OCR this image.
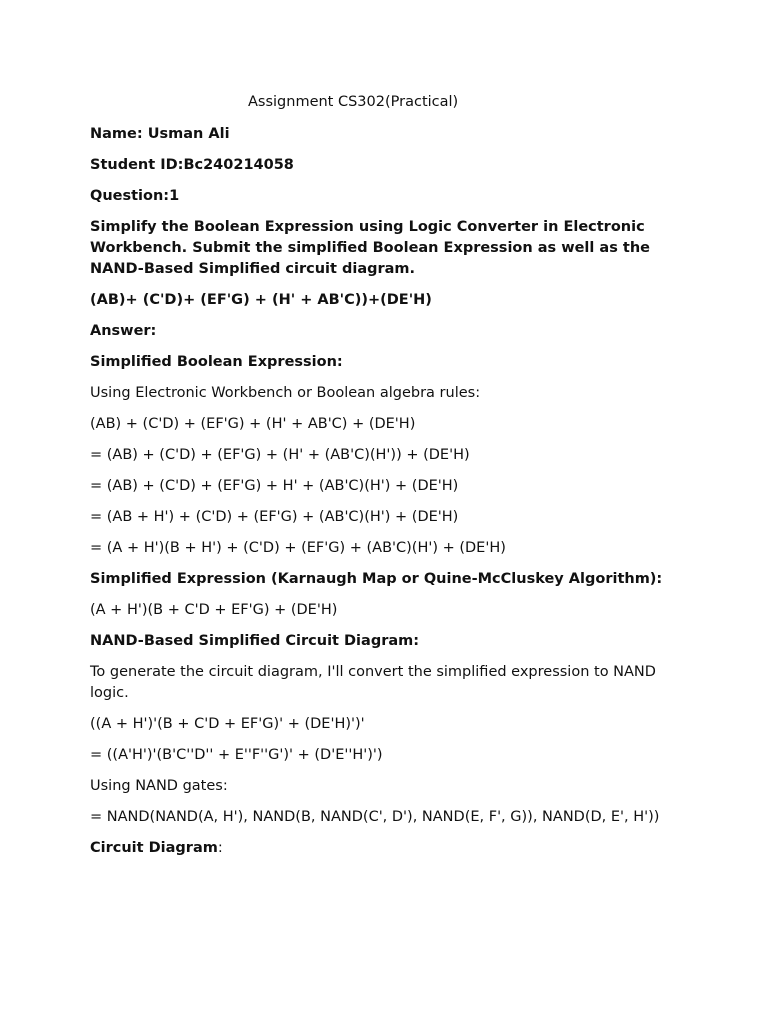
Assignment CS302(Practical)

Name: Usman Ali

Student ID:Bc240214058

Question:1

Simplify the Boolean Expression using Logic Converter in Electronic Workbench. Submit the simplified Boolean Expression as well as the NAND-Based Simplified circuit diagram.

(AB)+ (C'D)+ (EF'G) + (H' + AB'C))+(DE'H)

Answer:

Simplified Boolean Expression:

Using Electronic Workbench or Boolean algebra rules:

(AB) + (C'D) + (EF'G) + (H' + AB'C) + (DE'H)

= (AB) + (C'D) + (EF'G) + (H' + (AB'C)(H')) + (DE'H)

= (AB) + (C'D) + (EF'G) + H' + (AB'C)(H') + (DE'H)

= (AB + H') + (C'D) + (EF'G) + (AB'C)(H') + (DE'H)

= (A + H')(B + H') + (C'D) + (EF'G) + (AB'C)(H') + (DE'H)

Simplified Expression (Karnaugh Map or Quine-McCluskey Algorithm):

(A + H')(B + C'D + EF'G) + (DE'H)

NAND-Based Simplified Circuit Diagram:

To generate the circuit diagram, I'll convert the simplified expression to NAND logic.

((A + H')'(B + C'D + EF'G)' + (DE'H)')'

= ((A'H')'(B'C''D'' + E''F''G')' + (D'E''H')')

Using NAND gates:

= NAND(NAND(A, H'), NAND(B, NAND(C', D'), NAND(E, F', G)), NAND(D, E', H'))

Circuit Diagram:
